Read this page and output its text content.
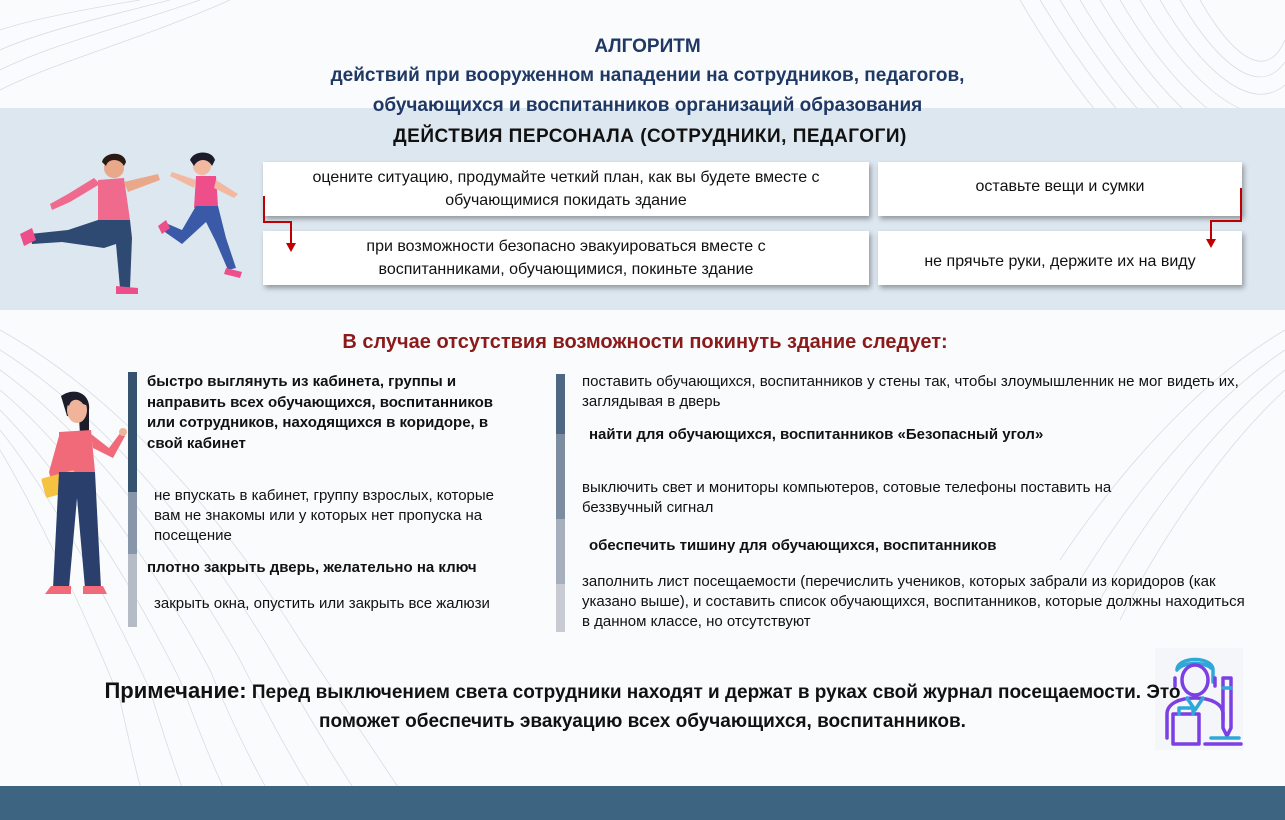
АЛГОРИТМ
действий при вооруженном нападении на сотрудников, педагогов,
обучающихся и воспитанников организаций образования
ДЕЙСТВИЯ ПЕРСОНАЛА (СОТРУДНИКИ, ПЕДАГОГИ)
оцените ситуацию, продумайте четкий план, как вы будете вместе с обучающимися покидать здание
оставьте вещи и сумки
при возможности безопасно эвакуироваться вместе с воспитанниками, обучающимися, покиньте здание	не прячьте руки, держите их на виду
В случае отсутствия возможности покинуть здание следует:
быстро выглянуть из кабинета, группы и направить всех обучающихся, воспитанников или сотрудников, находящихся в коридоре, в свой кабинет
не впускать в кабинет, группу взрослых, которые вам не знакомы или у которых нет пропуска на посещение
плотно закрыть дверь, желательно на ключ
закрыть окна, опустить или закрыть все жалюзи
поставить обучающихся, воспитанников у стены так, чтобы злоумышленник не мог видеть их, заглядывая в дверь
найти для обучающихся, воспитанников «Безопасный угол»
выключить свет и мониторы компьютеров, сотовые телефоны поставить на беззвучный сигнал
обеспечить тишину для обучающихся, воспитанников
заполнить лист посещаемости (перечислить учеников, которых забрали из коридоров (как указано выше), и составить список обучающихся, воспитанников, которые должны находиться в данном классе, но отсутствуют
Примечание: Перед выключением света сотрудники находят и держат в руках свой журнал посещаемости. Это поможет обеспечить эвакуацию всех обучающихся, воспитанников.
